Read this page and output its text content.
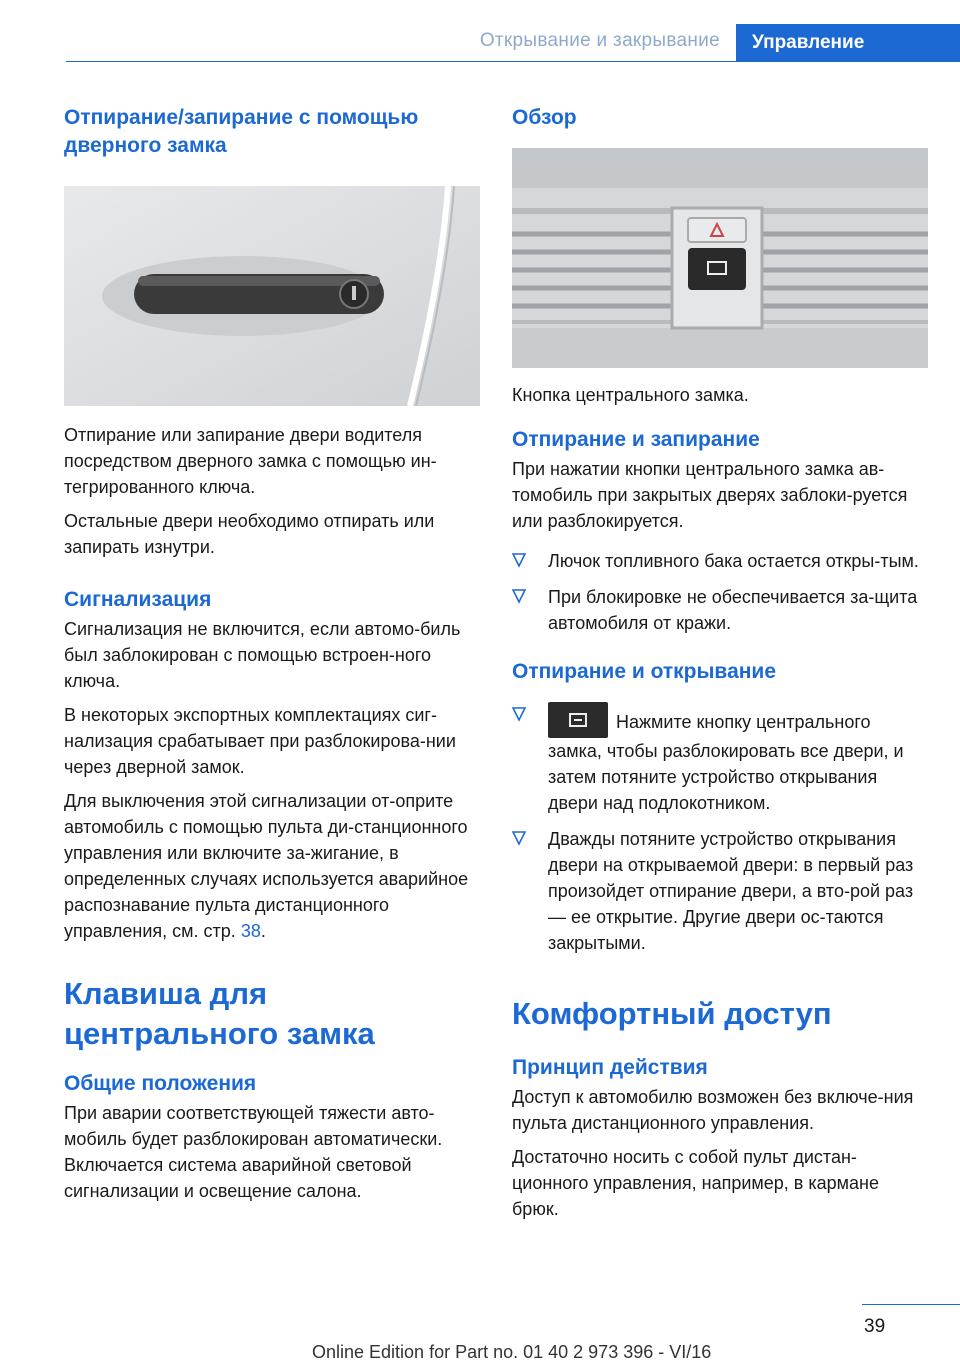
Открывание и закрывание	Управление
Отпирание/запирание с помощью дверного замка

Отпирание или запирание двери водителя посредством дверного замка с помощью ин-тегрированного ключа.

Остальные двери необходимо отпирать или запирать изнутри.

Сигнализация

Сигнализация не включится, если автомо-биль был заблокирован с помощью встроен-ного ключа.

В некоторых экспортных комплектациях сиг-нализация срабатывает при разблокирова-нии через дверной замок.

Для выключения этой сигнализации от-оприте автомобиль с помощью пульта ди-станционного управления или включите за-жигание, в определенных случаях используется аварийное распознавание пульта дистанционного управления, см. стр. 38.

Клавиша для центрального замка
Общие положения

При аварии соответствующей тяжести авто-мобиль будет разблокирован автоматически. Включается система аварийной световой сигнализации и освещение салона.

Обзор

Кнопка центрального замка.

Отпирание и запирание

При нажатии кнопки центрального замка ав-томобиль при закрытых дверях заблоки-руется или разблокируется.

Лючок топливного бака остается откры-тым.
При блокировке не обеспечивается за-щита автомобиля от кражи.
Отпирание и открывание
Нажмите кнопку центрального замка, чтобы разблокировать все двери, и затем потяните устройство открывания двери над подлокотником.
Дважды потяните устройство открывания двери на открываемой двери: в первый раз произойдет отпирание двери, а вто-рой раз — ее открытие. Другие двери ос-таются закрытыми.
Комфортный доступ
Принцип действия

Доступ к автомобилю возможен без включе-ния пульта дистанционного управления.

Достаточно носить с собой пульт дистан-ционного управления, например, в кармане брюк.

39
Online Edition for Part no. 01 40 2 973 396 - VI/16
